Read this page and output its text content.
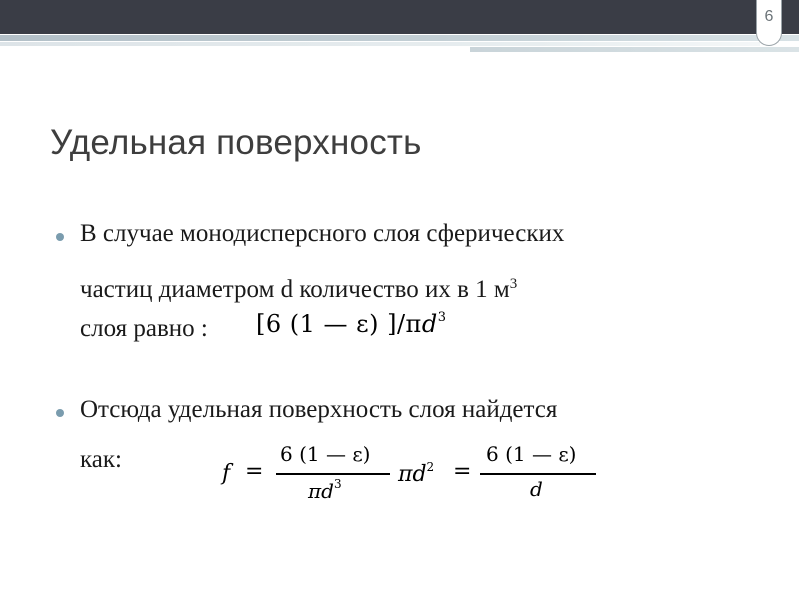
6
Удельная поверхность
В случае монодисперсного слоя сферических
частиц диаметром d количество их в 1 $м^3$
слоя равно : [6 (1 — ε) ]$/\pi d^3$
Отсюда удельная поверхность слоя найдется
как:
f =
6 (1 — ε)
$\pi d^3$	$\pi d^2$ =
6 (1 — ε)
d
